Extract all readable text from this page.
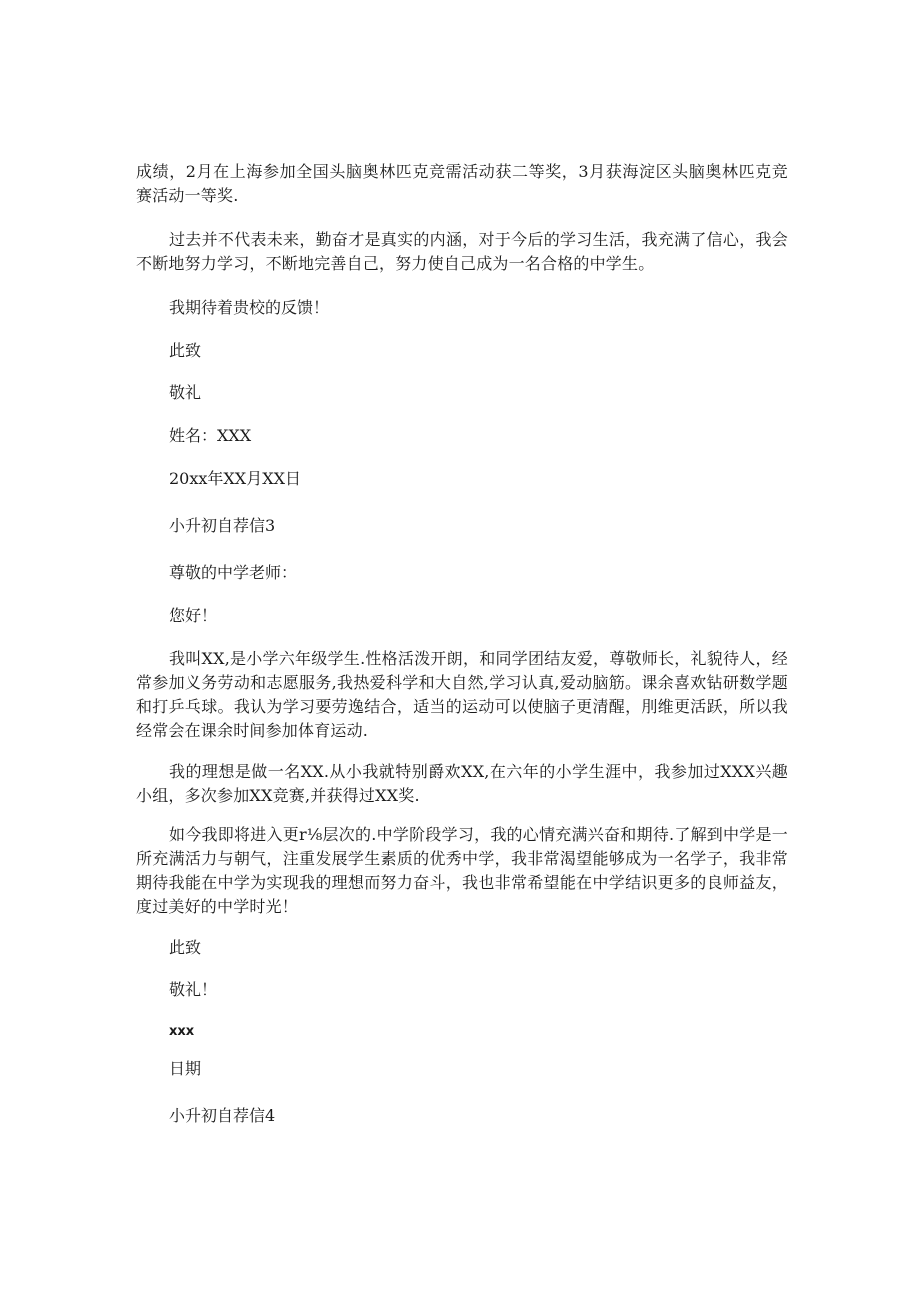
成绩，2月在上海参加全国头脑奥林匹克竞需活动获二等奖，3月获海淀区头脑奥林匹克竞赛活动一等奖.

过去并不代表未来，勤奋才是真实的内涵，对于今后的学习生活，我充满了信心，我会不断地努力学习，不断地完善自己，努力使自己成为一名合格的中学生。

我期待着贵校的反馈！

此致

敬礼

姓名：XXX

20xx年XX月XX日

小升初自荐信3

尊敬的中学老师：

您好！

我叫XX,是小学六年级学生.性格活泼开朗，和同学团结友爱，尊敬师长，礼貌待人，经常参加义务劳动和志愿服务,我热爱科学和大自然,学习认真,爱动脑筋。课余喜欢钻研数学题和打乒乓球。我认为学习要劳逸结合，适当的运动可以使脑子更清醒，刖维更活跃，所以我经常会在课余时间参加体育运动.

我的理想是做一名XX.从小我就特别爵欢XX,在六年的小学生涯中，我参加过XXX兴趣小组，多次参加XX竞赛,并获得过XX奖.

如今我即将进入更r⅛层次的.中学阶段学习，我的心情充满兴奋和期待.了解到中学是一所充满活力与朝气，注重发展学生素质的优秀中学，我非常渴望能够成为一名学子，我非常期待我能在中学为实现我的理想而努力奋斗，我也非常希望能在中学结识更多的良师益友，度过美好的中学时光！

此致

敬礼！

xxx

日期

小升初自荐信4
